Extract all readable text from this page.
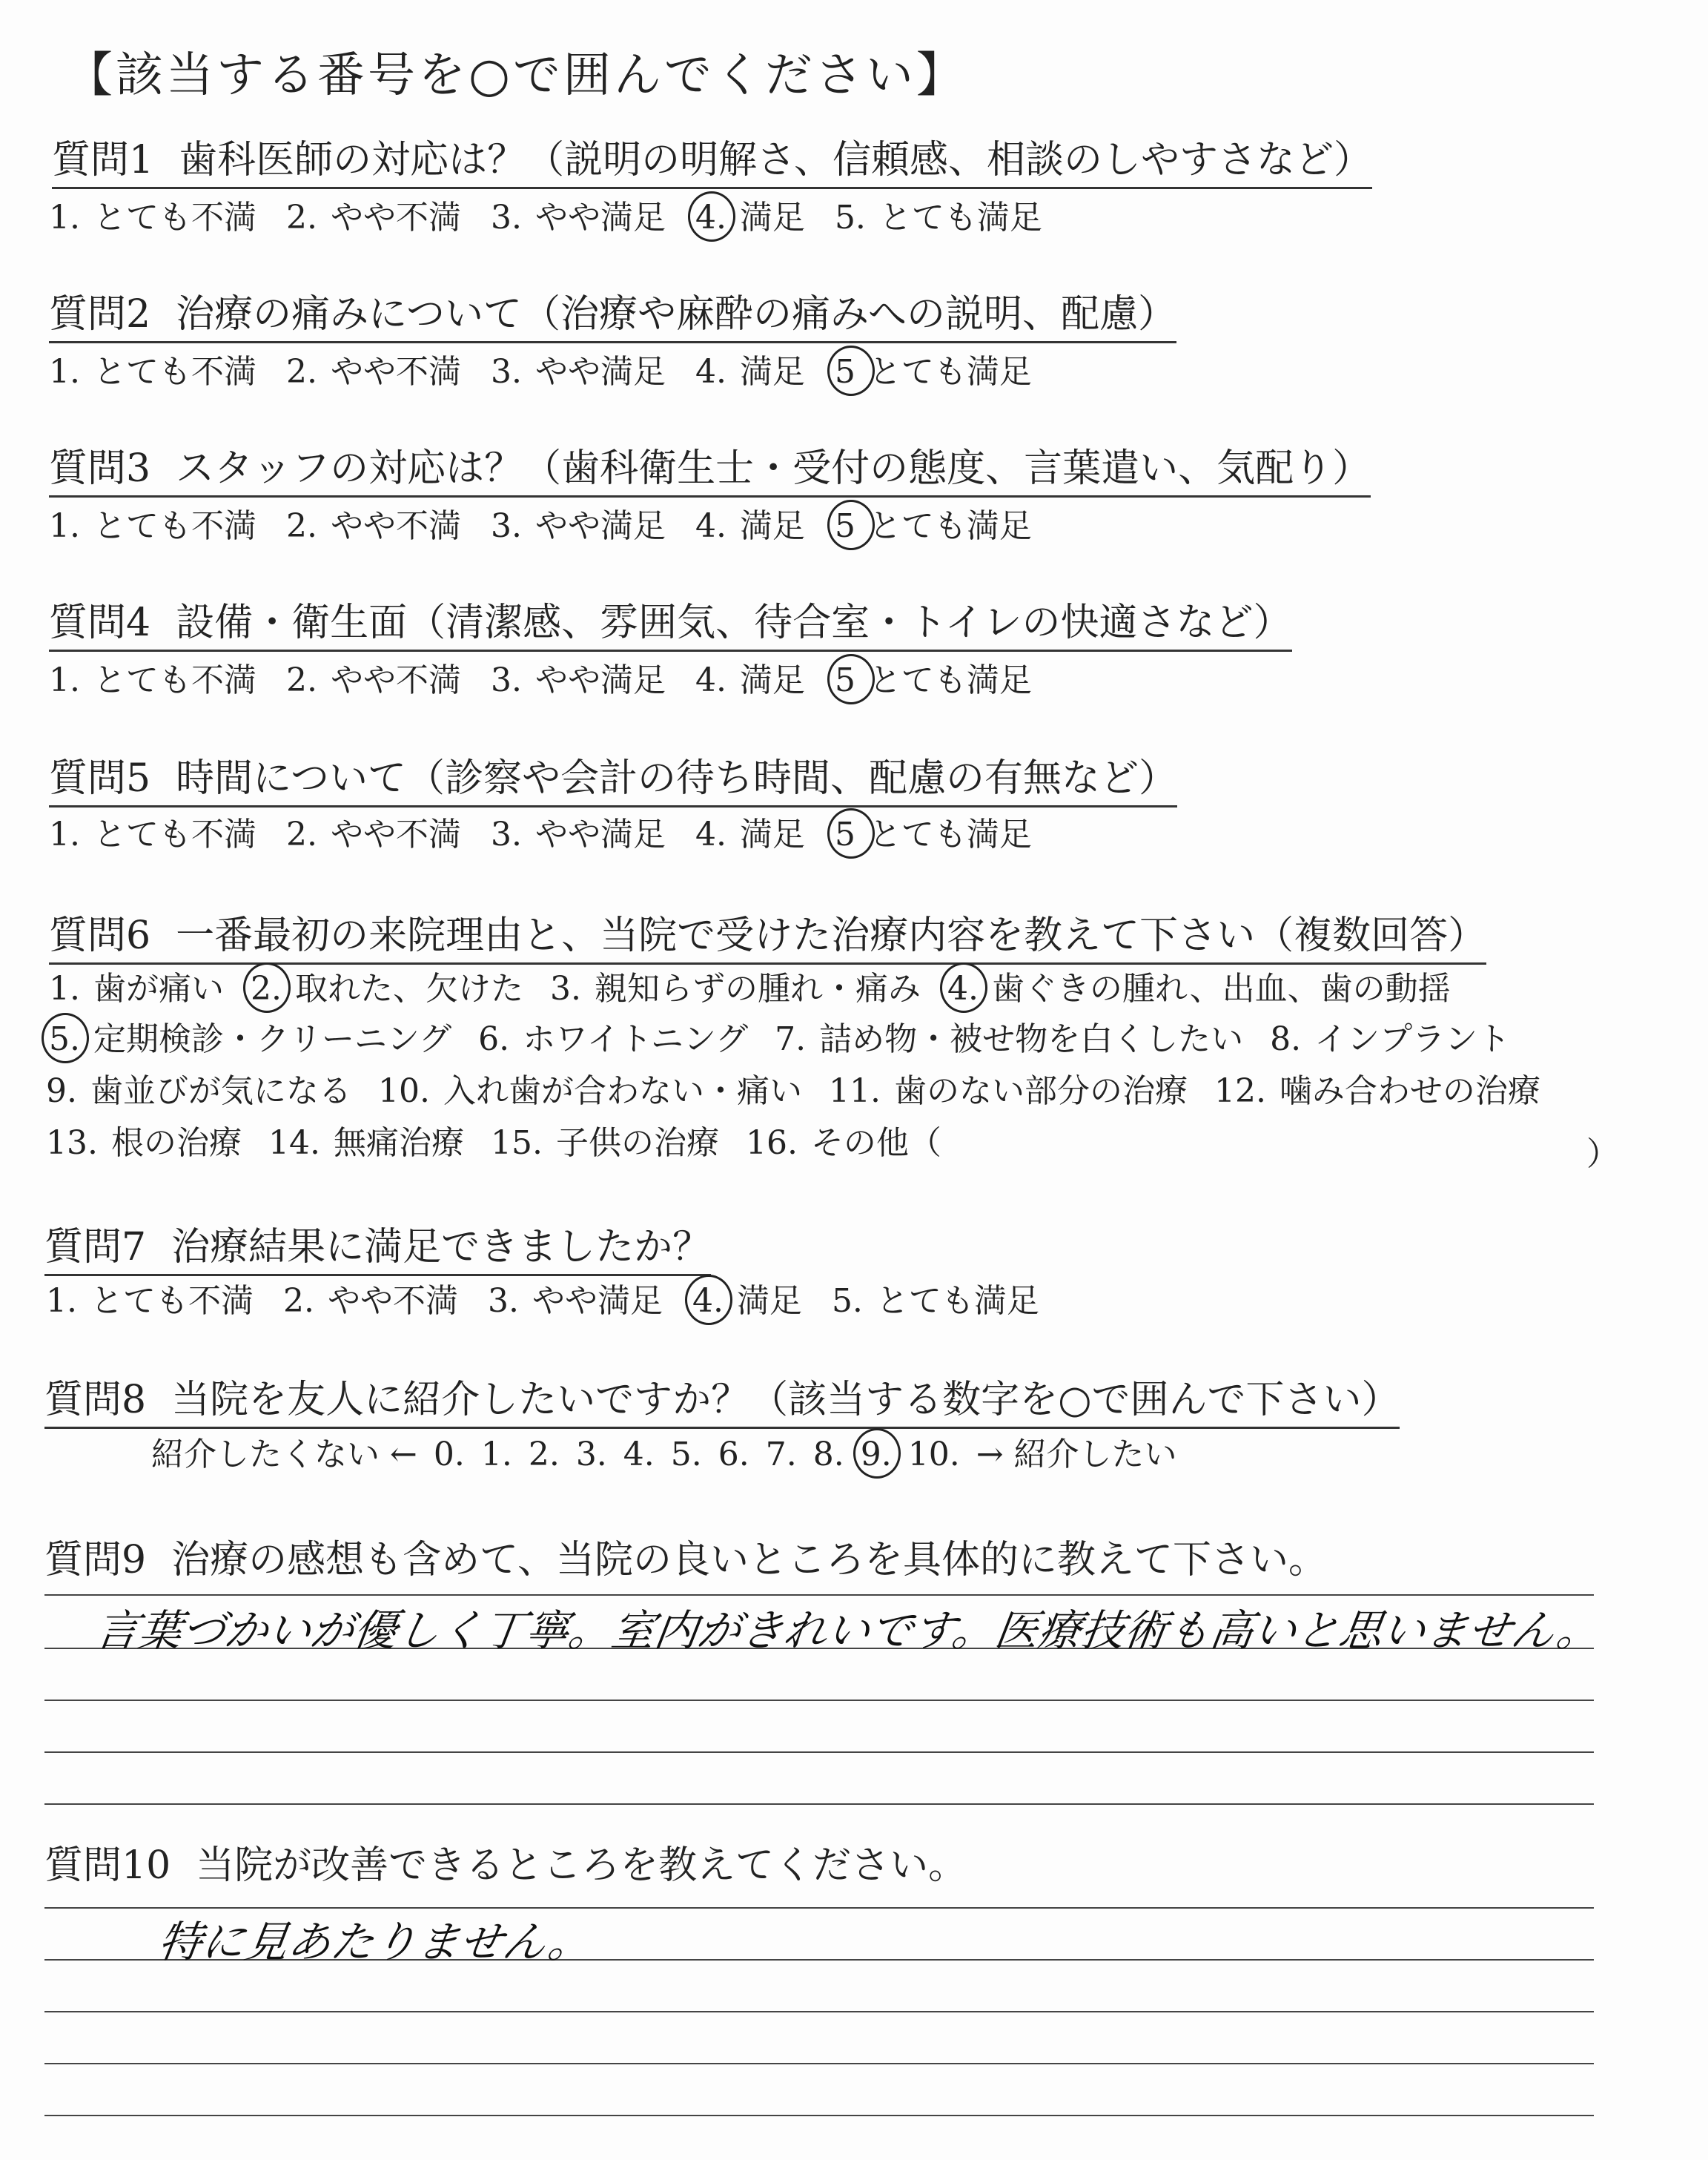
【該当する番号を○で囲んでください】
質問1 歯科医師の対応は？（説明の明解さ、信頼感、相談のしやすさなど）
1. とても不満 2. やや不満 3. やや満足 4. 満足 5. とても満足
質問2 治療の痛みについて（治療や麻酔の痛みへの説明、配慮）
1. とても不満 2. やや不満 3. やや満足 4. 満足 5 とても満足
質問3 スタッフの対応は？（歯科衛生士・受付の態度、言葉遣い、気配り）
1. とても不満 2. やや不満 3. やや満足 4. 満足 5 とても満足
質問4 設備・衛生面（清潔感、雰囲気、待合室・トイレの快適さなど）
1. とても不満 2. やや不満 3. やや満足 4. 満足 5 とても満足
質問5 時間について（診察や会計の待ち時間、配慮の有無など）
1. とても不満 2. やや不満 3. やや満足 4. 満足 5 とても満足
質問6 一番最初の来院理由と、当院で受けた治療内容を教えて下さい（複数回答）
1. 歯が痛い 2. 取れた、欠けた 3. 親知らずの腫れ・痛み 4. 歯ぐきの腫れ、出血、歯の動揺
5. 定期検診・クリーニング 6. ホワイトニング 7. 詰め物・被せ物を白くしたい 8. インプラント
9. 歯並びが気になる 10. 入れ歯が合わない・痛い 11. 歯のない部分の治療 12. 噛み合わせの治療
13. 根の治療 14. 無痛治療 15. 子供の治療 16. その他（	）
質問7 治療結果に満足できましたか？
1. とても不満 2. やや不満 3. やや満足 4. 満足 5. とても満足
質問8 当院を友人に紹介したいですか？（該当する数字を○で囲んで下さい）
紹介したくない ← 0. 1. 2. 3. 4. 5. 6. 7. 8. 9. 10. → 紹介したい
質問9 治療の感想も含めて、当院の良いところを具体的に教えて下さい。
言葉づかいが優しく丁寧。室内がきれいです。医療技術も高いと思いません。
質問10 当院が改善できるところを教えてください。
特に見あたりません。
